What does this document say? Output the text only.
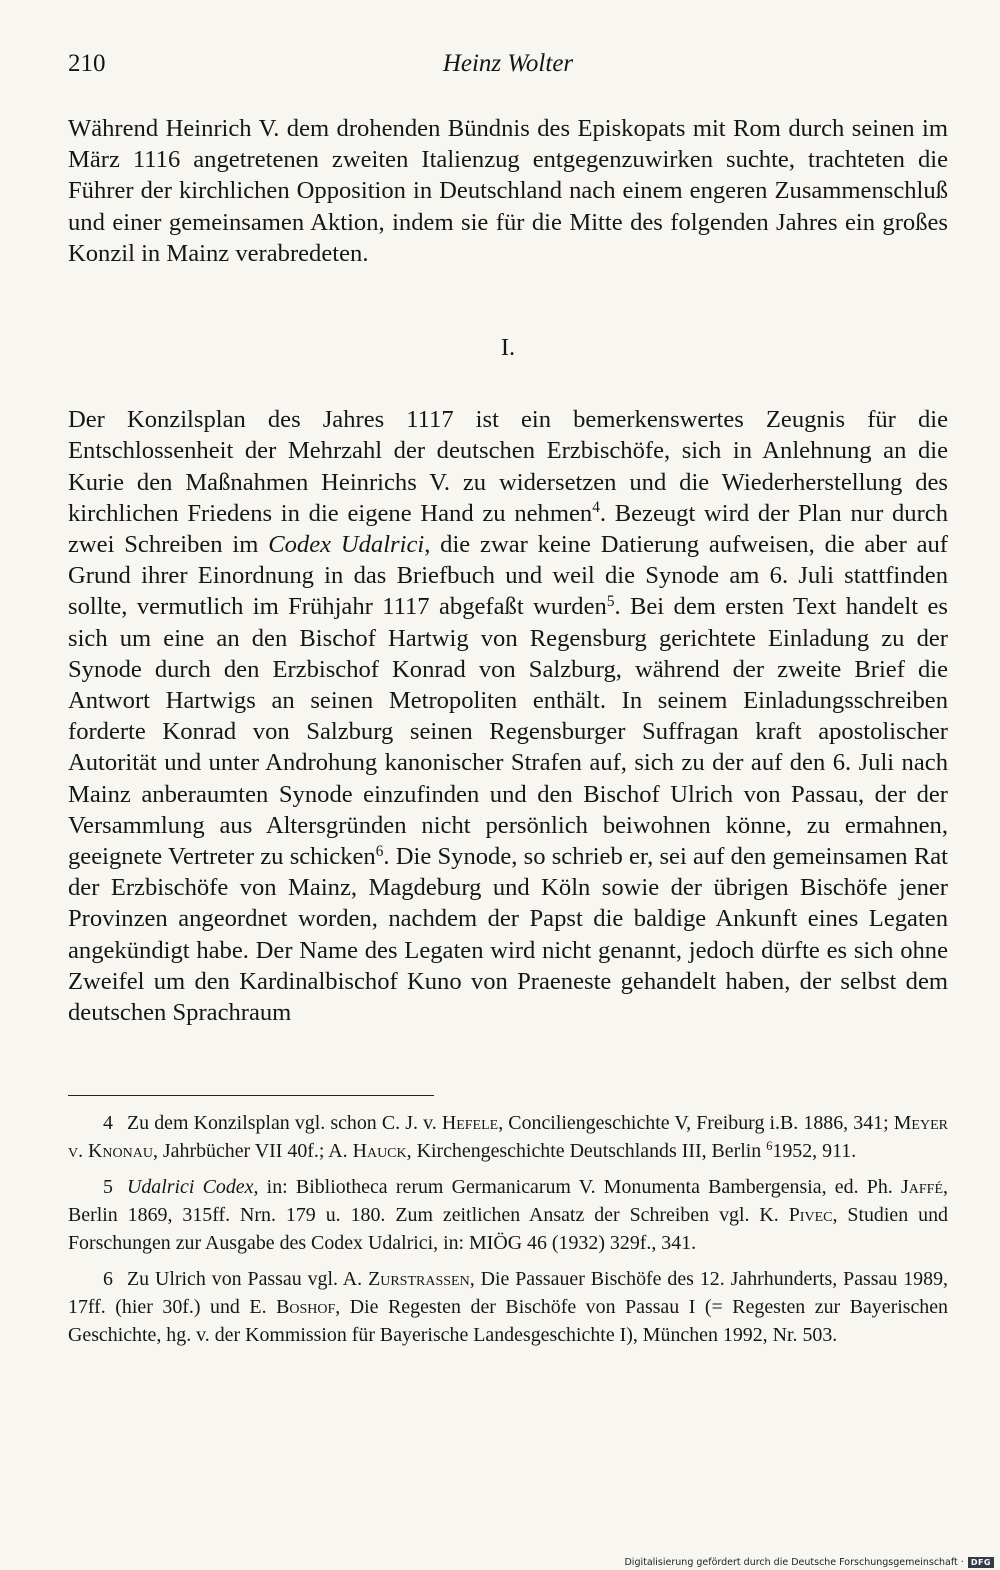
210	Heinz Wolter

Während Heinrich V. dem drohenden Bündnis des Episkopats mit Rom durch seinen im März 1116 angetretenen zweiten Italienzug entgegenzuwirken suchte, trachteten die Führer der kirchlichen Opposition in Deutschland nach einem engeren Zusammenschluß und einer gemeinsamen Aktion, indem sie für die Mitte des folgenden Jahres ein großes Konzil in Mainz verabredeten.

I.

Der Konzilsplan des Jahres 1117 ist ein bemerkenswertes Zeugnis für die Entschlossenheit der Mehrzahl der deutschen Erzbischöfe, sich in Anlehnung an die Kurie den Maßnahmen Heinrichs V. zu widersetzen und die Wiederherstellung des kirchlichen Friedens in die eigene Hand zu nehmen$^4$. Bezeugt wird der Plan nur durch zwei Schreiben im Codex Udalrici, die zwar keine Datierung aufweisen, die aber auf Grund ihrer Einordnung in das Briefbuch und weil die Synode am 6. Juli stattfinden sollte, vermutlich im Frühjahr 1117 abgefaßt wurden$^5$. Bei dem ersten Text handelt es sich um eine an den Bischof Hartwig von Regensburg gerichtete Einladung zu der Synode durch den Erzbischof Konrad von Salzburg, während der zweite Brief die Antwort Hartwigs an seinen Metropoliten enthält. In seinem Einladungsschreiben forderte Konrad von Salzburg seinen Regensburger Suffragan kraft apostolischer Autorität und unter Androhung kanonischer Strafen auf, sich zu der auf den 6. Juli nach Mainz anberaumten Synode einzufinden und den Bischof Ulrich von Passau, der der Versammlung aus Altersgründen nicht persönlich beiwohnen könne, zu ermahnen, geeignete Vertreter zu schicken$^6$. Die Synode, so schrieb er, sei auf den gemeinsamen Rat der Erzbischöfe von Mainz, Magdeburg und Köln sowie der übrigen Bischöfe jener Provinzen angeordnet worden, nachdem der Papst die baldige Ankunft eines Legaten angekündigt habe. Der Name des Legaten wird nicht genannt, jedoch dürfte es sich ohne Zweifel um den Kardinalbischof Kuno von Praeneste gehandelt haben, der selbst dem deutschen Sprachraum

4 Zu dem Konzilsplan vgl. schon C. J. v. Hefele, Conciliengeschichte V, Freiburg i.B. 1886, 341; Meyer v. Knonau, Jahrbücher VII 40f.; A. Hauck, Kirchengeschichte Deutschlands III, Berlin $^6$1952, 911.

5 Udalrici Codex, in: Bibliotheca rerum Germanicarum V. Monumenta Bambergensia, ed. Ph. Jaffé, Berlin 1869, 315ff. Nrn. 179 u. 180. Zum zeitlichen Ansatz der Schreiben vgl. K. Pivec, Studien und Forschungen zur Ausgabe des Codex Udalrici, in: MIÖG 46 (1932) 329f., 341.

6 Zu Ulrich von Passau vgl. A. Zurstrassen, Die Passauer Bischöfe des 12. Jahrhunderts, Passau 1989, 17ff. (hier 30f.) und E. Boshof, Die Regesten der Bischöfe von Passau I (= Regesten zur Bayerischen Geschichte, hg. v. der Kommission für Bayerische Landesgeschichte I), München 1992, Nr. 503.

Digitalisierung gefördert durch die Deutsche Forschungsgemeinschaft · DFG
